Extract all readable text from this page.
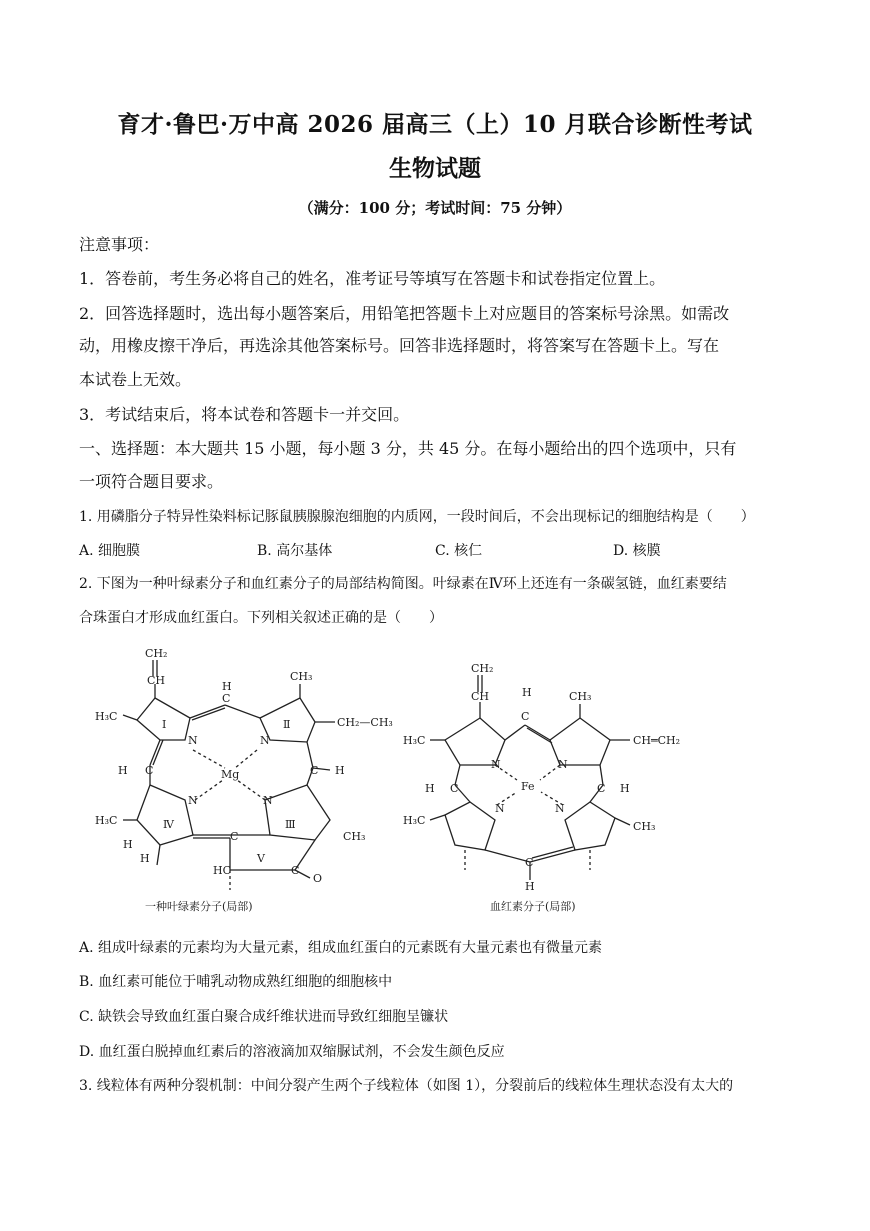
育才·鲁巴·万中高 2026 届高三（上）10 月联合诊断性考试
生物试题
（满分：100 分；考试时间：75 分钟）
注意事项：
1．答卷前，考生务必将自己的姓名，准考证号等填写在答题卡和试卷指定位置上。
2．回答选择题时，选出每小题答案后，用铅笔把答题卡上对应题目的答案标号涂黑。如需改
动，用橡皮擦干净后，再选涂其他答案标号。回答非选择题时，将答案写在答题卡上。写在
本试卷上无效。
3．考试结束后，将本试卷和答题卡一并交回。
一、选择题：本大题共 15 小题，每小题 3 分，共 45 分。在每小题给出的四个选项中，只有
一项符合题目要求。
1. 用磷脂分子特异性染料标记豚鼠胰腺腺泡细胞的内质网，一段时间后，不会出现标记的细胞结构是（　　）
A. 细胞膜	B. 高尔基体	C. 核仁	D. 核膜
2. 下图为一种叶绿素分子和血红素分子的局部结构简图。叶绿素在Ⅳ环上还连有一条碳氢链，血红素要结
合珠蛋白才形成血红蛋白。下列相关叙述正确的是（　　）
CH₂
CH
H₃C
Ⅰ
H
C
CH₃
Ⅱ	CH₂—CH₃
N	N
Mg
H C	C H
N	N
H₃C
H
Ⅳ
H
Ⅲ
CH₃
C
Ⅴ
HC	C
O
一种叶绿素分子(局部)
CH₂
CH	H
C
CH₃
H₃C	CH═CH₂
N	N
Fe
H C	C H
N	N
H₃C	CH₃
C
H
血红素分子(局部)
A. 组成叶绿素的元素均为大量元素，组成血红蛋白的元素既有大量元素也有微量元素
B. 血红素可能位于哺乳动物成熟红细胞的细胞核中
C. 缺铁会导致血红蛋白聚合成纤维状进而导致红细胞呈镰状
D. 血红蛋白脱掉血红素后的溶液滴加双缩脲试剂，不会发生颜色反应
3. 线粒体有两种分裂机制：中间分裂产生两个子线粒体（如图 1），分裂前后的线粒体生理状态没有太大的
